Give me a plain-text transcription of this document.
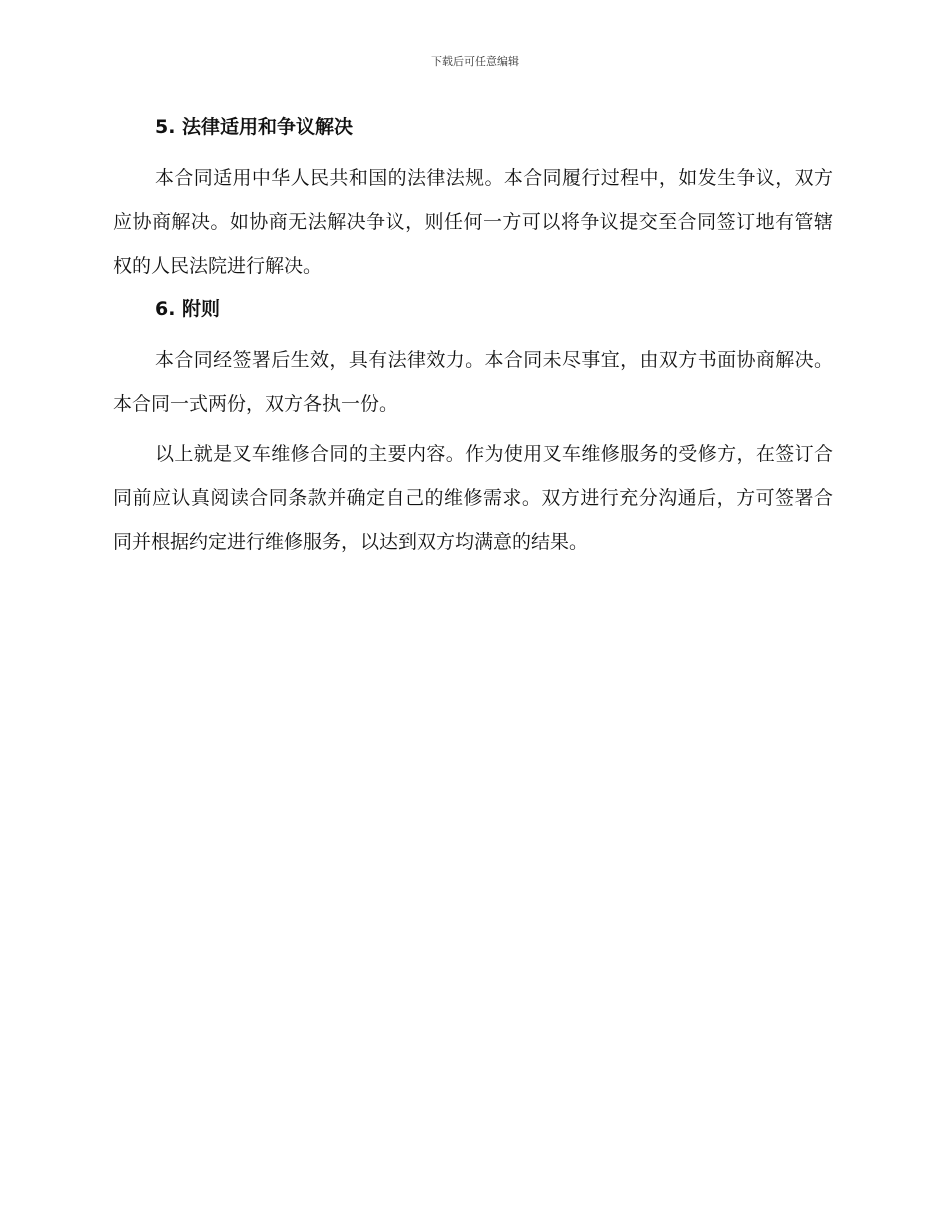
下载后可任意编辑
5. 法律适用和争议解决

本合同适用中华人民共和国的法律法规。本合同履行过程中，如发生争议，双方应协商解决。如协商无法解决争议，则任何一方可以将争议提交至合同签订地有管辖权的人民法院进行解决。

6. 附则

本合同经签署后生效，具有法律效力。本合同未尽事宜，由双方书面协商解决。本合同一式两份，双方各执一份。

以上就是叉车维修合同的主要内容。作为使用叉车维修服务的受修方，在签订合同前应认真阅读合同条款并确定自己的维修需求。双方进行充分沟通后，方可签署合同并根据约定进行维修服务，以达到双方均满意的结果。
